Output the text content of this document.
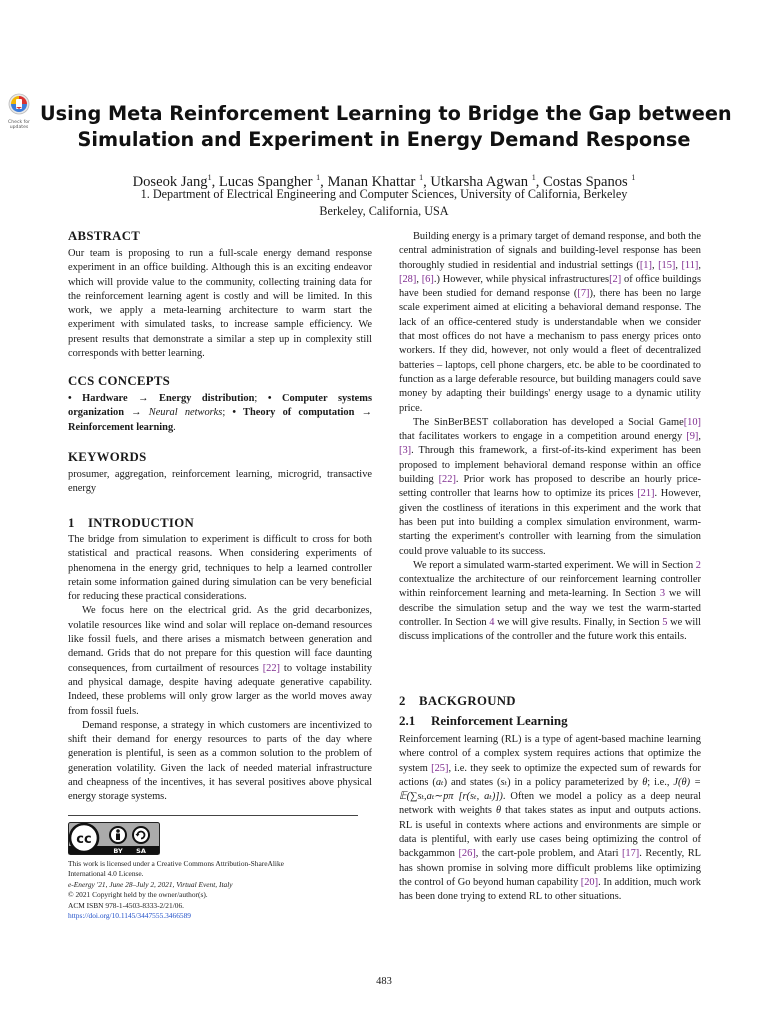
Check for
updates
Using Meta Reinforcement Learning to Bridge the Gap between
Simulation and Experiment in Energy Demand Response
Doseok Jang$^1$, Lucas Spangher $^1$, Manan Khattar $^1$, Utkarsha Agwan $^1$, Costas Spanos $^1$
1. Department of Electrical Engineering and Computer Sciences, University of California, Berkeley
Berkeley, California, USA
ABSTRACT

Our team is proposing to run a full-scale energy demand response experiment in an office building. Although this is an exciting endeavor which will provide value to the community, collecting training data for the reinforcement learning agent is costly and will be limited. In this work, we apply a meta-learning architecture to warm start the experiment with simulated tasks, to increase sample efficiency. We present results that demonstrate a similar a step up in complexity still corresponds with better learning.

CCS CONCEPTS

• Hardware → Energy distribution; • Computer systems organization → Neural networks; • Theory of computation → Reinforcement learning.

KEYWORDS

prosumer, aggregation, reinforcement learning, microgrid, transactive energy

1 INTRODUCTION

The bridge from simulation to experiment is difficult to cross for both statistical and practical reasons. When considering experiments of phenomena in the energy grid, techniques to help a learned controller retain some information gained during simulation can be very beneficial for reducing these practical considerations.

We focus here on the electrical grid. As the grid decarbonizes, volatile resources like wind and solar will replace on-demand resources like fossil fuels, and there arises a mismatch between generation and demand. Grids that do not prepare for this question will face daunting consequences, from curtailment of resources [22] to voltage instability and physical damage, despite having adequate generative capability. Indeed, these problems will only grow larger as the world moves away from fossil fuels.

Demand response, a strategy in which customers are incentivized to shift their demand for energy resources to parts of the day where generation is plentiful, is seen as a common solution to the problem of generation volatility. Given the lack of needed material infrastructure and cheapness of the incentives, it has several positives above physical energy storage systems.

cc
BY	SA
This work is licensed under a Creative Commons Attribution-ShareAlike
International 4.0 License.
e-Energy '21, June 28–July 2, 2021, Virtual Event, Italy
© 2021 Copyright held by the owner/author(s).
ACM ISBN 978-1-4503-8333-2/21/06.
https://doi.org/10.1145/3447555.3466589

Building energy is a primary target of demand response, and both the central administration of signals and building-level response has been thoroughly studied in residential and industrial settings ([1], [15], [11], [28], [6].) However, while physical infrastructures[2] of office buildings have been studied for demand response ([7]), there has been no large scale experiment aimed at eliciting a behavioral demand response. The lack of an office-centered study is understandable when we consider that most offices do not have a mechanism to pass energy prices onto workers. If they did, however, not only would a fleet of decentralized batteries – laptops, cell phone chargers, etc. be able to be coordinated to function as a large deferable resource, but building managers could save money by adapting their buildings' energy usage to a dynamic utility price.

The SinBerBEST collaboration has developed a Social Game[10] that facilitates workers to engage in a competition around energy [9], [3]. Through this framework, a first-of-its-kind experiment has been proposed to implement behavioral demand response within an office building [22]. Prior work has proposed to describe an hourly price-setting controller that learns how to optimize its prices [21]. However, given the costliness of iterations in this experiment and the work that has been put into building a complex simulation environment, warm-starting the experiment's controller with learning from the simulation could prove valuable to its success.

We report a simulated warm-started experiment. We will in Section 2 contextualize the architecture of our reinforcement learning controller within reinforcement learning and meta-learning. In Section 3 we will describe the simulation setup and the way we test the warm-started controller. In Section 4 we will give results. Finally, in Section 5 we will discuss implications of the controller and the future work this entails.

2 BACKGROUND
2.1 Reinforcement Learning

Reinforcement learning (RL) is a type of agent-based machine learning where control of a complex system requires actions that optimize the system [25], i.e. they seek to optimize the expected sum of rewards for actions (aₜ) and states (sₜ) in a policy parameterized by θ; i.e., J(θ) = 𝔼(∑sₜ,aₜ∼pπ [r(sₜ, aₜ)]). Often we model a policy as a deep neural network with weights θ that takes states as input and outputs actions. RL is useful in contexts where actions and environments are simple or data is plentiful, with early use cases being optimizing the control of backgammon [26], the cart-pole problem, and Atari [17]. Recently, RL has shown promise in solving more difficult problems like optimizing the control of Go beyond human capability [20]. In addition, much work has been done trying to extend RL to other situations.

483
